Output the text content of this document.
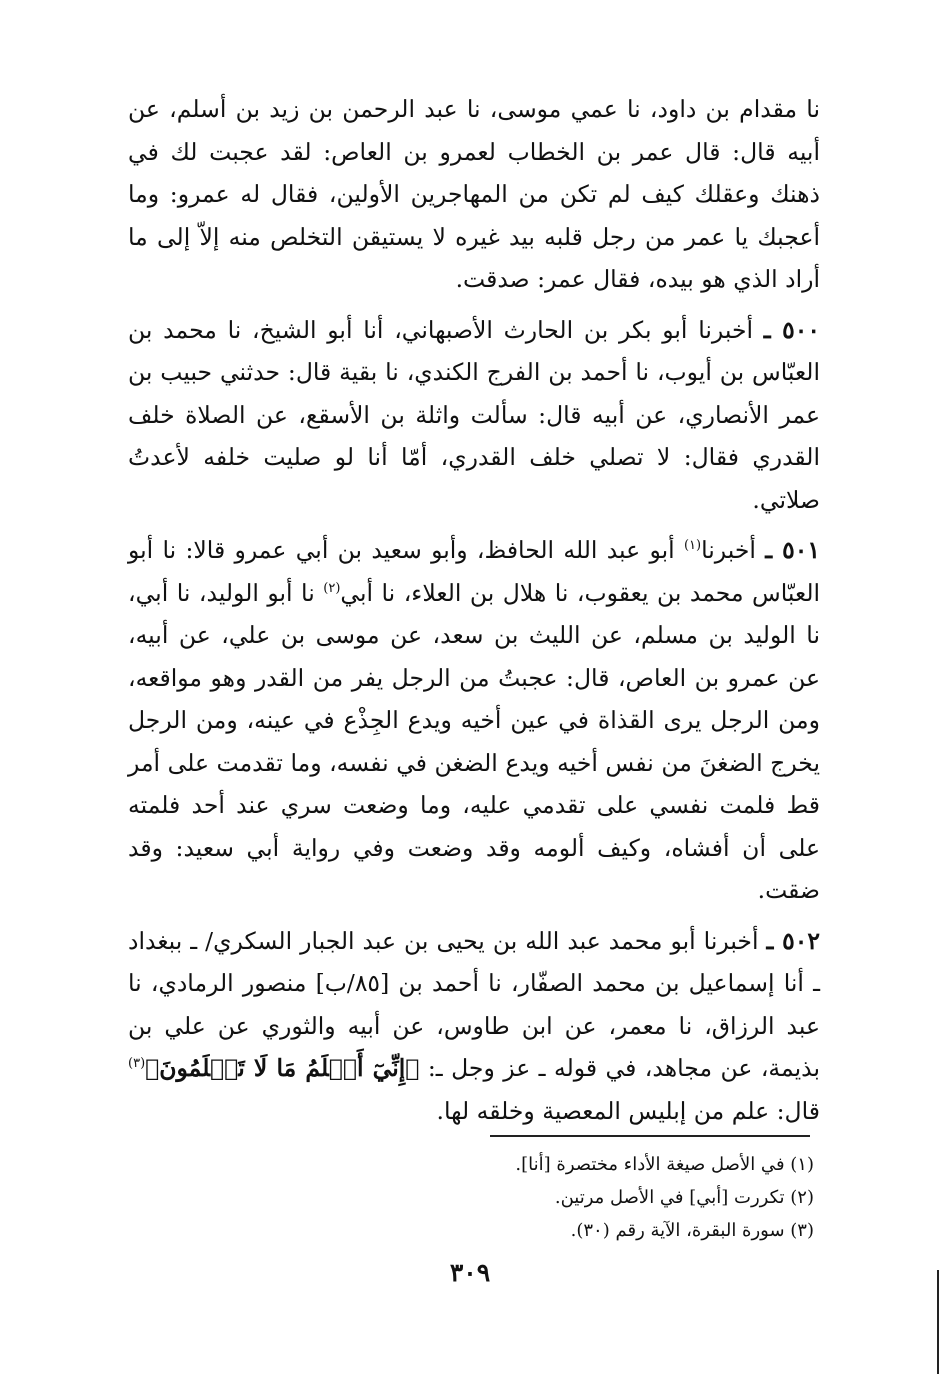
نا مقدام بن داود، نا عمي موسى، نا عبد الرحمن بن زيد بن أسلم، عن أبيه قال: قال عمر بن الخطاب لعمرو بن العاص: لقد عجبت لك في ذهنك وعقلك كيف لم تكن من المهاجرين الأولين، فقال له عمرو: وما أعجبك يا عمر من رجل قلبه بيد غيره لا يستيقن التخلص منه إلاّ إلى ما أراد الذي هو بيده، فقال عمر: صدقت.

٥٠٠ ـ أخبرنا أبو بكر بن الحارث الأصبهاني، أنا أبو الشيخ، نا محمد بن العبّاس بن أيوب، نا أحمد بن الفرج الكندي، نا بقية قال: حدثني حبيب بن عمر الأنصاري، عن أبيه قال: سألت واثلة بن الأسقع، عن الصلاة خلف القدري فقال: لا تصلي خلف القدري، أمّا أنا لو صليت خلفه لأعدتُ صلاتي.

٥٠١ ـ أخبرنا$^{(١)}$ أبو عبد الله الحافظ، وأبو سعيد بن أبي عمرو قالا: نا أبو العبّاس محمد بن يعقوب، نا هلال بن العلاء، نا أبي$^{(٢)}$ نا أبو الوليد، نا أبي، نا الوليد بن مسلم، عن الليث بن سعد، عن موسى بن علي، عن أبيه، عن عمرو بن العاص، قال: عجبتُ من الرجل يفر من القدر وهو مواقعه، ومن الرجل يرى القذاة في عين أخيه ويدع الجِذْع في عينه، ومن الرجل يخرج الضغنَ من نفس أخيه ويدع الضغن في نفسه، وما تقدمت على أمر قط فلمت نفسي على تقدمي عليه، وما وضعت سري عند أحد فلمته على أن أفشاه، وكيف ألومه وقد وضعت وفي رواية أبي سعيد: وقد ضقت.

٥٠٢ ـ أخبرنا أبو محمد عبد الله بن يحيى بن عبد الجبار السكري/ ـ ببغداد ـ أنا إسماعيل بن محمد الصفّار، نا أحمد بن [٨٥/ب] منصور الرمادي، نا عبد الرزاق، نا معمر، عن ابن طاوس، عن أبيه والثوري عن علي بن بذيمة، عن مجاهد، في قوله ـ عز وجل ـ: ﴿إِنِّيٓ أَعۡلَمُ مَا لَا تَعۡلَمُونَ﴾$^{(٣)}$ قال: علم من إبليس المعصية وخلقه لها.

(١) في الأصل صيغة الأداء مختصرة [أنا].
(٢) تكررت [أبي] في الأصل مرتين.
(٣) سورة البقرة، الآية رقم (٣٠).
٣٠٩
